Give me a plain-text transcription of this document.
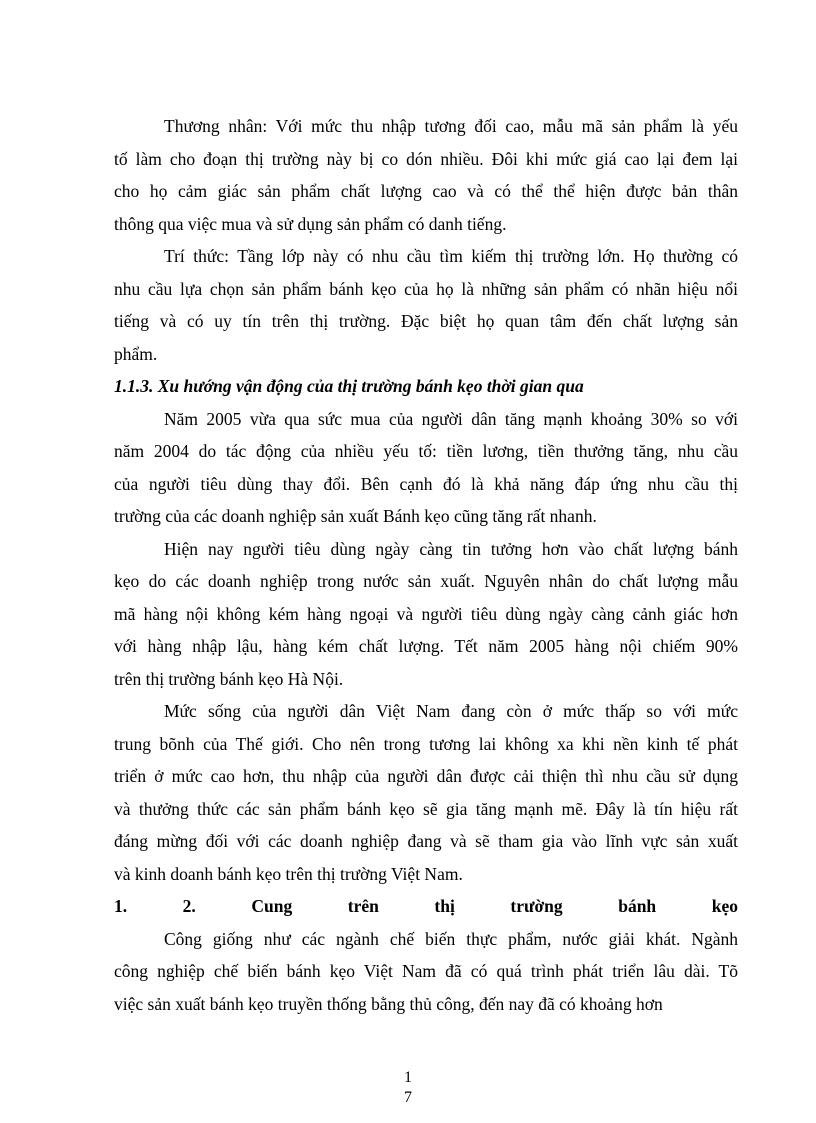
Thương nhân: Với mức thu nhập tương đối cao, mẫu mã sản phẩm là yếu
tố làm cho đoạn thị trường này bị co dón nhiều. Đôi khi mức giá cao lại đem lại
cho họ cảm giác sản phẩm chất lượng cao và có thể thể hiện được bản thân
thông qua việc mua và sử dụng sản phẩm có danh tiếng.
Trí thức: Tầng lớp này có nhu cầu tìm kiếm thị trường lớn. Họ thường có
nhu cầu lựa chọn sản phẩm bánh kẹo của họ là những sản phẩm có nhãn hiệu nổi
tiếng và có uy tín trên thị trường. Đặc biệt họ quan tâm đến chất lượng sản
phẩm.
1.1.3. Xu hướng vận động của thị trường bánh kẹo thời gian qua
Năm 2005 vừa qua sức mua của người dân tăng mạnh khoảng 30% so với
năm 2004 do tác động của nhiều yếu tố: tiền lương, tiền thưởng tăng, nhu cầu
của người tiêu dùng thay đổi. Bên cạnh đó là khả năng đáp ứng nhu cầu thị
trường của các doanh nghiệp sản xuất Bánh kẹo cũng tăng rất nhanh.
Hiện nay người tiêu dùng ngày càng tin tưởng hơn vào chất lượng bánh
kẹo do các doanh nghiệp trong nước sản xuất. Nguyên nhân do chất lượng mẫu
mã hàng nội không kém hàng ngoại và người tiêu dùng ngày càng cảnh giác hơn
với hàng nhập lậu, hàng kém chất lượng. Tết năm 2005 hàng nội chiếm 90%
trên thị trường bánh kẹo Hà Nội.
Mức sống của người dân Việt Nam đang còn ở mức thấp so với mức
trung bõnh của Thế giới. Cho nên trong tương lai không xa khi nền kinh tế phát
triển ở mức cao hơn, thu nhập của người dân được cải thiện thì nhu cầu sử dụng
và thưởng thức các sản phẩm bánh kẹo sẽ gia tăng mạnh mẽ. Đây là tín hiệu rất
đáng mừng đối với các doanh nghiệp đang và sẽ tham gia vào lĩnh vực sản xuất
và kinh doanh bánh kẹo trên thị trường Việt Nam.
1.	2.	Cung	trên	thị	trường	bánh	kẹo
Công giống như các ngành chế biến thực phẩm, nước giải khát. Ngành
công nghiệp chế biến bánh kẹo Việt Nam đã có quá trình phát triển lâu dài. Tõ
việc sản xuất bánh kẹo truyền thống bằng thủ công, đến nay đã có khoảng hơn
1
7
